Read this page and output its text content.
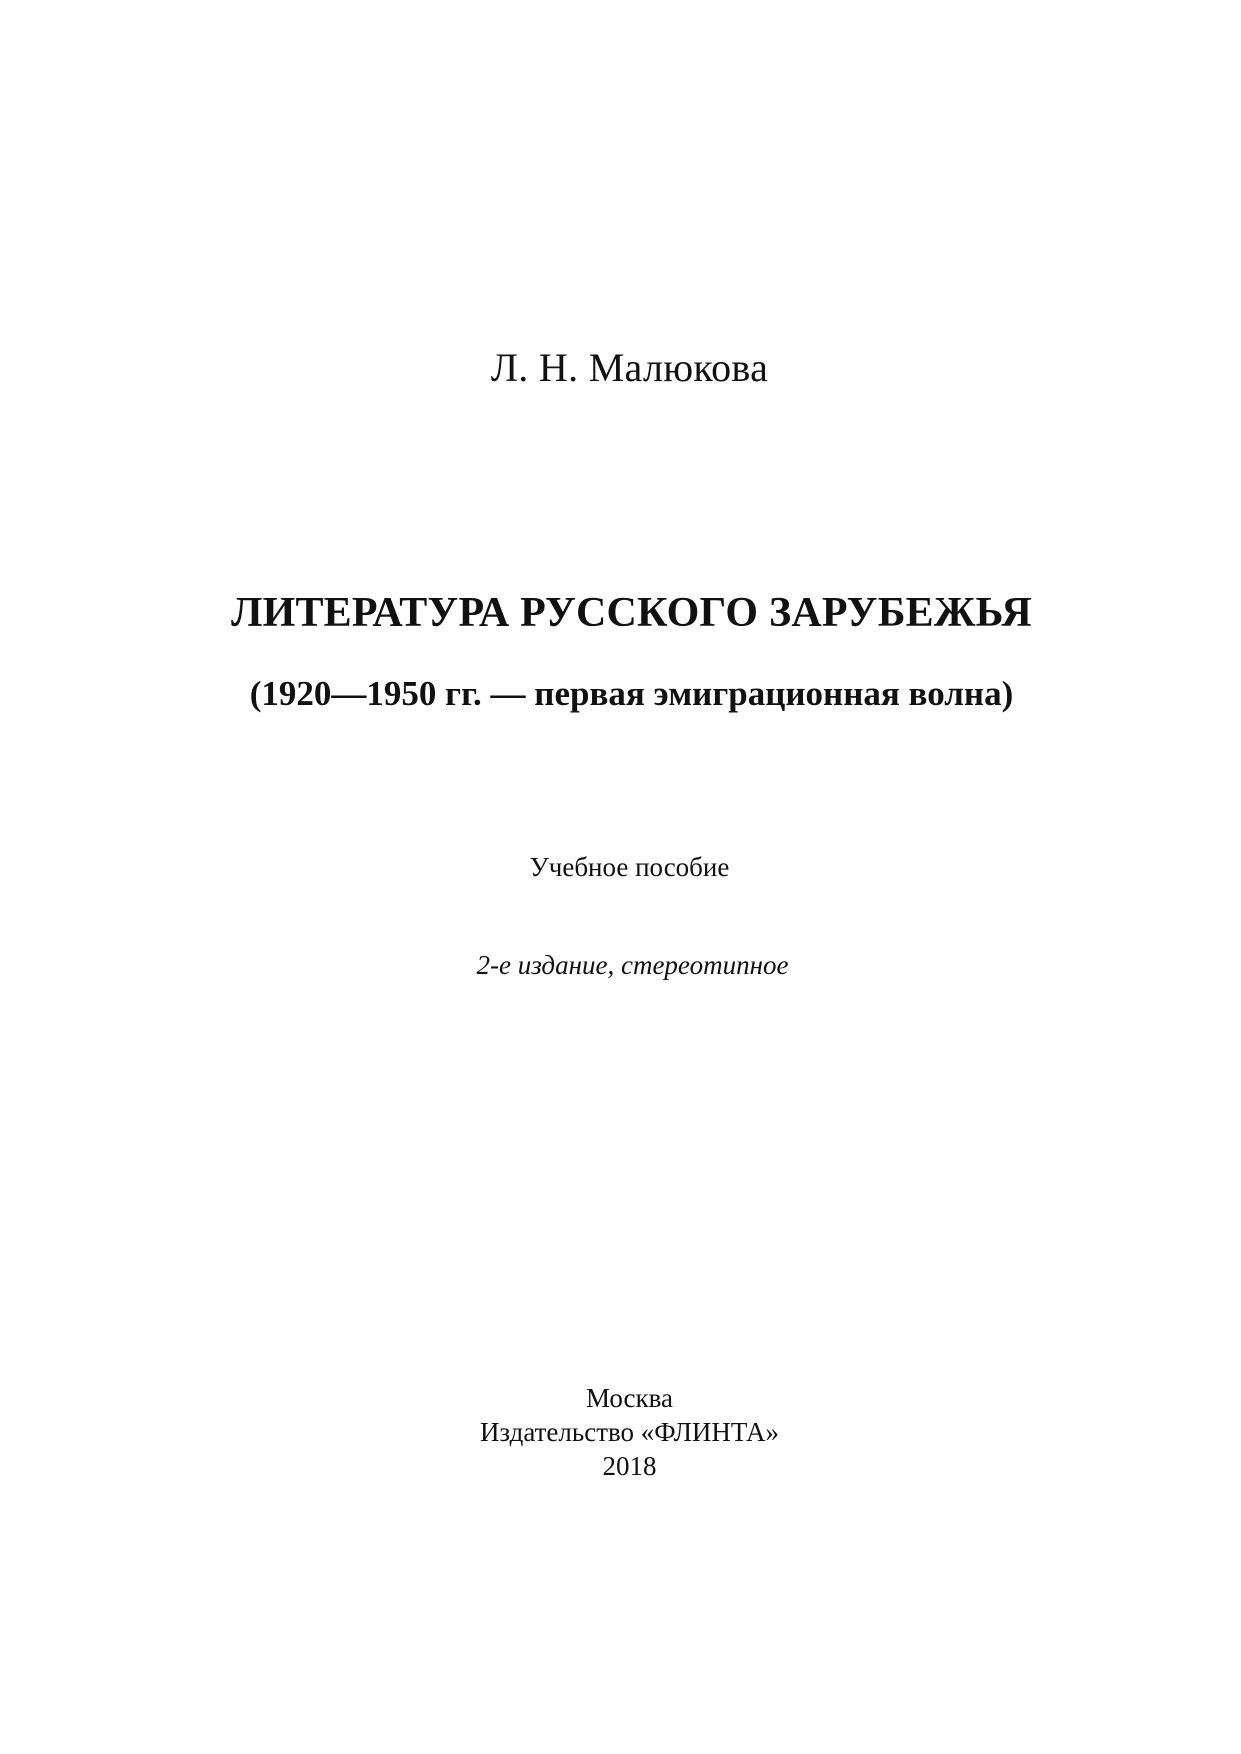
Л. Н. Малюкова
ЛИТЕРАТУРА РУССКОГО ЗАРУБЕЖЬЯ
(1920—1950 гг. — первая эмиграционная волна)
Учебное пособие
2-е издание, стереотипное
Москва
Издательство «ФЛИНТА»
2018
